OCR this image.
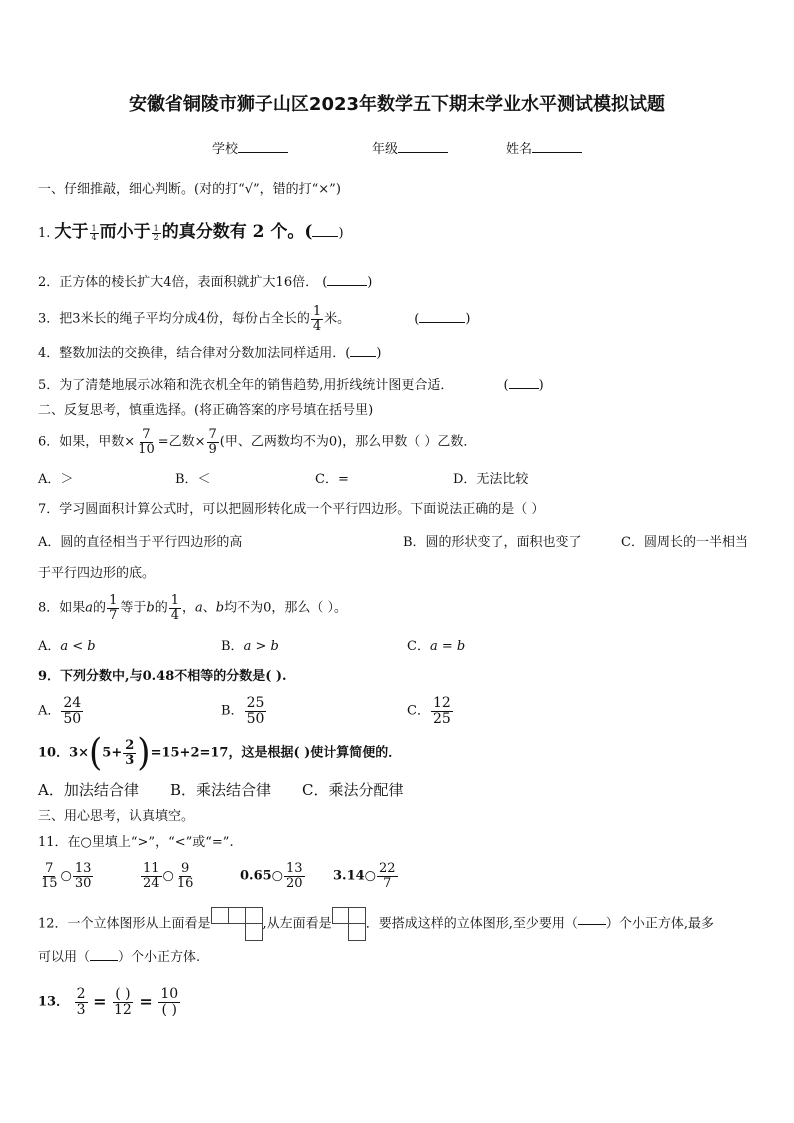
安徽省铜陵市狮子山区2023年数学五下期末学业水平测试模拟试题
学校	年级	姓名
一、仔细推敲，细心判断。(对的打“√”，错的打“×”)
1. 大于 $\frac{1}{4}$ 而小于 $\frac{1}{2}$ 的真分数有 2 个。( )
2．正方体的棱长扩大4倍，表面积就扩大16倍． (	)
3．把3米长的绳子平均分成4份，每份占全长的 $\frac{1}{4}$ 米。	(	)
4．整数加法的交换律，结合律对分数加法同样适用．( )
5．为了清楚地展示冰箱和洗衣机全年的销售趋势,用折线统计图更合适．	( )
二、反复思考，慎重选择。(将正确答案的序号填在括号里)
6．如果，甲数× $\frac{7}{10}$ =乙数× $\frac{7}{9}$ (甲、乙两数均不为0)，那么甲数（ ）乙数．
A．＞	B．＜	C．=	D．无法比较
7．学习圆面积计算公式时，可以把圆形转化成一个平行四边形。下面说法正确的是（ ）
A．圆的直径相当于平行四边形的高	B．圆的形状变了，面积也变了	C．圆周长的一半相当
于平行四边形的底。
8．如果a的 $\frac{1}{7}$ 等于b的 $\frac{1}{4}$ ，a、b均不为0，那么（ ）。
A．a < b	B．a > b	C．a = b
9．下列分数中,与0.48不相等的分数是( ).
A． $\frac{24}{50}$	B． $\frac{25}{50}$	C． $\frac{12}{25}$
10．$3\times(5+ \frac{2}{3} )=15+2=17$，这是根据( )使计算简便的．
A．加法结合律 B．乘法结合律 C．乘法分配律
三、用心思考，认真填空。
11．在○里填上“>”，“<”或“=”.
$\frac{7}{15}$ ○ $\frac{13}{30}$	$\frac{11}{24}$ ○ $\frac{9}{16}$	0.65○ $\frac{13}{20}$ 3.14○ $\frac{22}{7}$
12．一个立体图形从上面看是	,从左面看是	．要搭成这样的立体图形,至少要用（ ）个小正方体,最多
可以用（ ）个小正方体.
13． $\frac{2}{3} = \frac{( )}{12} = \frac{10}{( )}$
